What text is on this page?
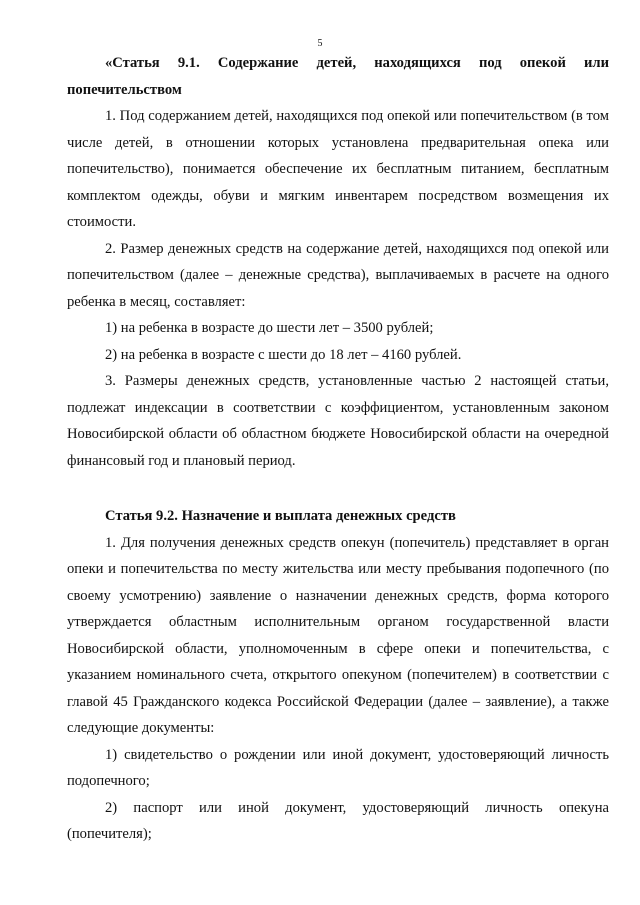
5
«Статья 9.1. Содержание детей, находящихся под опекой или попечительством

1. Под содержанием детей, находящихся под опекой или попечительством (в том числе детей, в отношении которых установлена предварительная опека или попечительство), понимается обеспечение их бесплатным питанием, бесплатным комплектом одежды, обуви и мягким инвентарем посредством возмещения их стоимости.

2. Размер денежных средств на содержание детей, находящихся под опекой или попечительством (далее – денежные средства), выплачиваемых в расчете на одного ребенка в месяц, составляет:

1) на ребенка в возрасте до шести лет – 3500 рублей;

2) на ребенка в возрасте с шести до 18 лет – 4160 рублей.

3. Размеры денежных средств, установленные частью 2 настоящей статьи, подлежат индексации в соответствии с коэффициентом, установленным законом Новосибирской области об областном бюджете Новосибирской области на очередной финансовый год и плановый период.

Статья 9.2. Назначение и выплата денежных средств

1. Для получения денежных средств опекун (попечитель) представляет в орган опеки и попечительства по месту жительства или месту пребывания подопечного (по своему усмотрению) заявление о назначении денежных средств, форма которого утверждается областным исполнительным органом государственной власти Новосибирской области, уполномоченным в сфере опеки и попечительства, с указанием номинального счета, открытого опекуном (попечителем) в соответствии с главой 45 Гражданского кодекса Российской Федерации (далее – заявление), а также следующие документы:

1) свидетельство о рождении или иной документ, удостоверяющий личность подопечного;

2) паспорт или иной документ, удостоверяющий личность опекуна (попечителя);
